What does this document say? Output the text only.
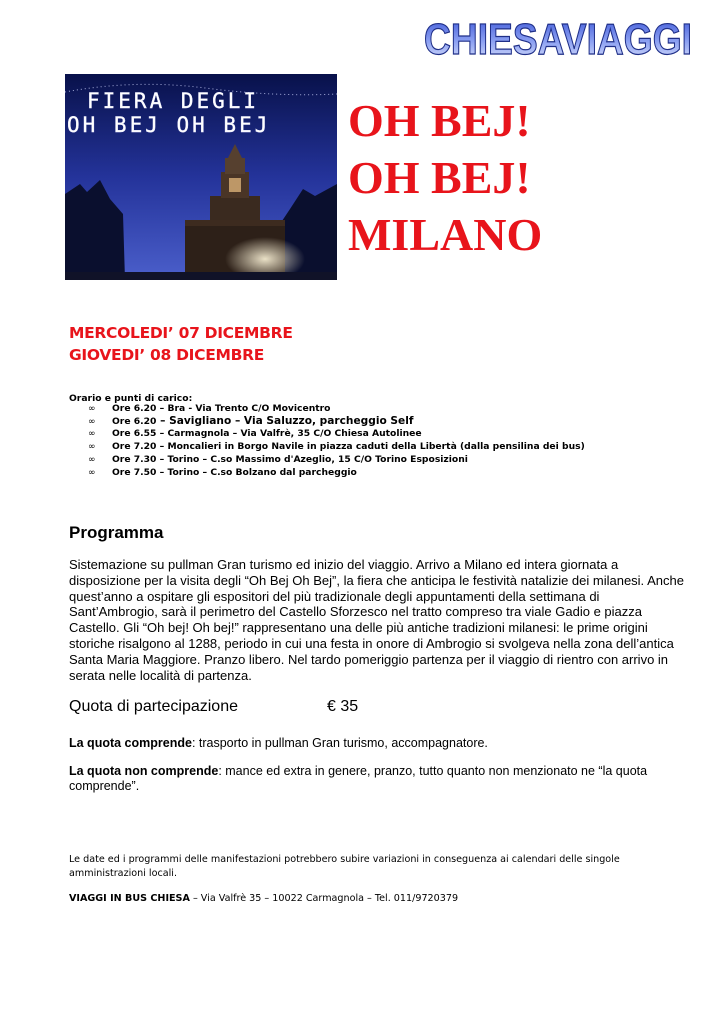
CHIESAVIAGGI
FIERA DEGLI
OH BEJ OH BEJ OH BEJ!
OH BEJ!
MILANO
MERCOLEDI’ 07 DICEMBRE
GIOVEDI’ 08 DICEMBRE
Orario e punti di carico:
∞ Ore 6.20 – Bra - Via Trento C/O Movicentro
∞ Ore 6.20 – Savigliano – Via Saluzzo, parcheggio Self
∞ Ore 6.55 – Carmagnola – Via Valfrè, 35 C/O Chiesa Autolinee
∞ Ore 7.20 – Moncalieri in Borgo Navile in piazza caduti della Libertà (dalla pensilina dei bus)
∞ Ore 7.30 – Torino – C.so Massimo d'Azeglio, 15 C/O Torino Esposizioni
∞ Ore 7.50 – Torino – C.so Bolzano dal parcheggio
Programma

Sistemazione su pullman Gran turismo ed inizio del viaggio. Arrivo a Milano ed intera giornata a disposizione per la visita degli “Oh Bej Oh Bej”, la fiera che anticipa le festività natalizie dei milanesi. Anche quest’anno a ospitare gli espositori del più tradizionale degli appuntamenti della settimana di Sant’Ambrogio, sarà il perimetro del Castello Sforzesco nel tratto compreso tra viale Gadio e piazza Castello. Gli “Oh bej! Oh bej!” rappresentano una delle più antiche tradizioni milanesi: le prime origini storiche risalgono al 1288, periodo in cui una festa in onore di Ambrogio si svolgeva nella zona dell’antica Santa Maria Maggiore. Pranzo libero. Nel tardo pomeriggio partenza per il viaggio di rientro con arrivo in serata nelle località di partenza.

Quota di partecipazione	€ 35
La quota comprende: trasporto in pullman Gran turismo, accompagnatore.
La quota non comprende: mance ed extra in genere, pranzo, tutto quanto non menzionato ne “la quota comprende”.
Le date ed i programmi delle manifestazioni potrebbero subire variazioni in conseguenza ai calendari delle singole amministrazioni locali.
VIAGGI IN BUS CHIESA – Via Valfrè 35 – 10022 Carmagnola – Tel. 011/9720379
